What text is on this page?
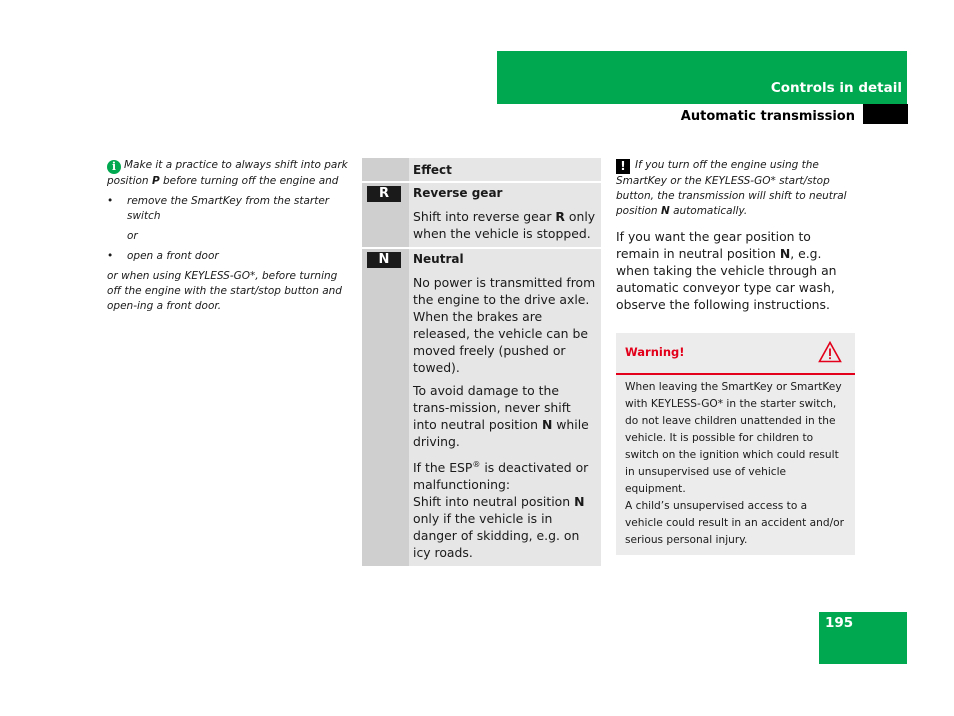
Controls in detail
Automatic transmission

i Make it a practice to always shift into park position P before turning off the engine and

• remove the SmartKey from the starter switch

or

• open a front door

or when using KEYLESS-GO*, before turning off the engine with the start/stop button and open-ing a front door.

Effect
R	Reverse gear

Shift into reverse gear R only when the vehicle is stopped.

N	Neutral

No power is transmitted from the engine to the drive axle. When the brakes are released, the vehicle can be moved freely (pushed or towed).

To avoid damage to the trans-mission, never shift into neutral position N while driving.

If the ESP® is deactivated or malfunctioning:
Shift into neutral position N only if the vehicle is in danger of skidding, e.g. on icy roads.

! If you turn off the engine using the SmartKey or the KEYLESS-GO* start/stop button, the transmission will shift to neutral position N automatically.

If you want the gear position to remain in neutral position N, e.g. when taking the vehicle through an automatic conveyor type car wash, observe the following instructions.

Warning!

When leaving the SmartKey or SmartKey with KEYLESS-GO* in the starter switch, do not leave children unattended in the vehicle. It is possible for children to switch on the ignition which could result in unsupervised use of vehicle equipment.

A child’s unsupervised access to a vehicle could result in an accident and/or serious personal injury.

195
